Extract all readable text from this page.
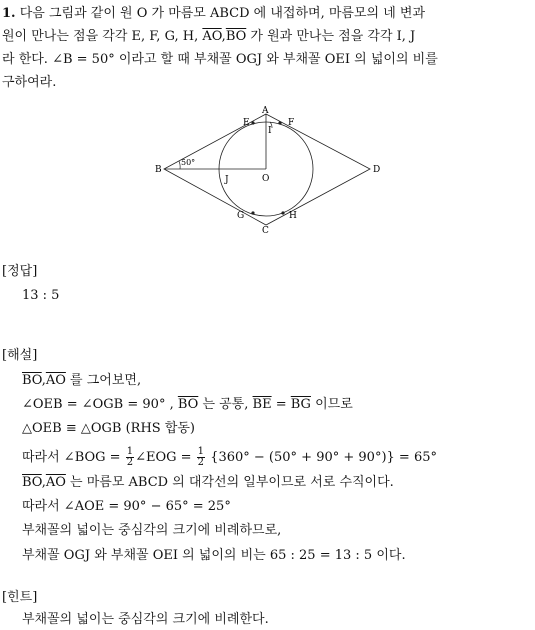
1. 다음 그림과 같이 원 O 가 마름모 ABCD 에 내접하며, 마름모의 네 변과
원이 만나는 점을 각각 E, F, G, H, $\overline{AO},\overline{BO}$ 가 원과 만나는 점을 각각 I, J
라 한다. ∠B = 50° 이라고 할 때 부채꼴 OGJ 와 부채꼴 OEI 의 넓이의 비를
구하여라.
A
B
C
D
E	F
G	H
I
J	O
50°
[정답]
13 : 5
[해설]
$\overline{BO},\overline{AO}$ 를 그어보면,
∠OEB = ∠OGB = 90° , $\overline{BO}$ 는 공통, $\overline{BE} = \overline{BG}$ 이므로
△OEB ≡ △OGB (RHS 합동)
따라서 ∠BOG = $\frac{1}{2}$ ∠EOG = $\frac{1}{2} \{360^\circ - (50^\circ + 90^\circ + 90^\circ)\} = 65^\circ$
$\overline{BO},\overline{AO}$ 는 마름모 ABCD 의 대각선의 일부이므로 서로 수직이다.
따라서 ∠AOE = 90° − 65° = 25°
부채꼴의 넓이는 중심각의 크기에 비례하므로,
부채꼴 OGJ 와 부채꼴 OEI 의 넓이의 비는 65 : 25 = 13 : 5 이다.
[힌트]
부채꼴의 넓이는 중심각의 크기에 비례한다.
